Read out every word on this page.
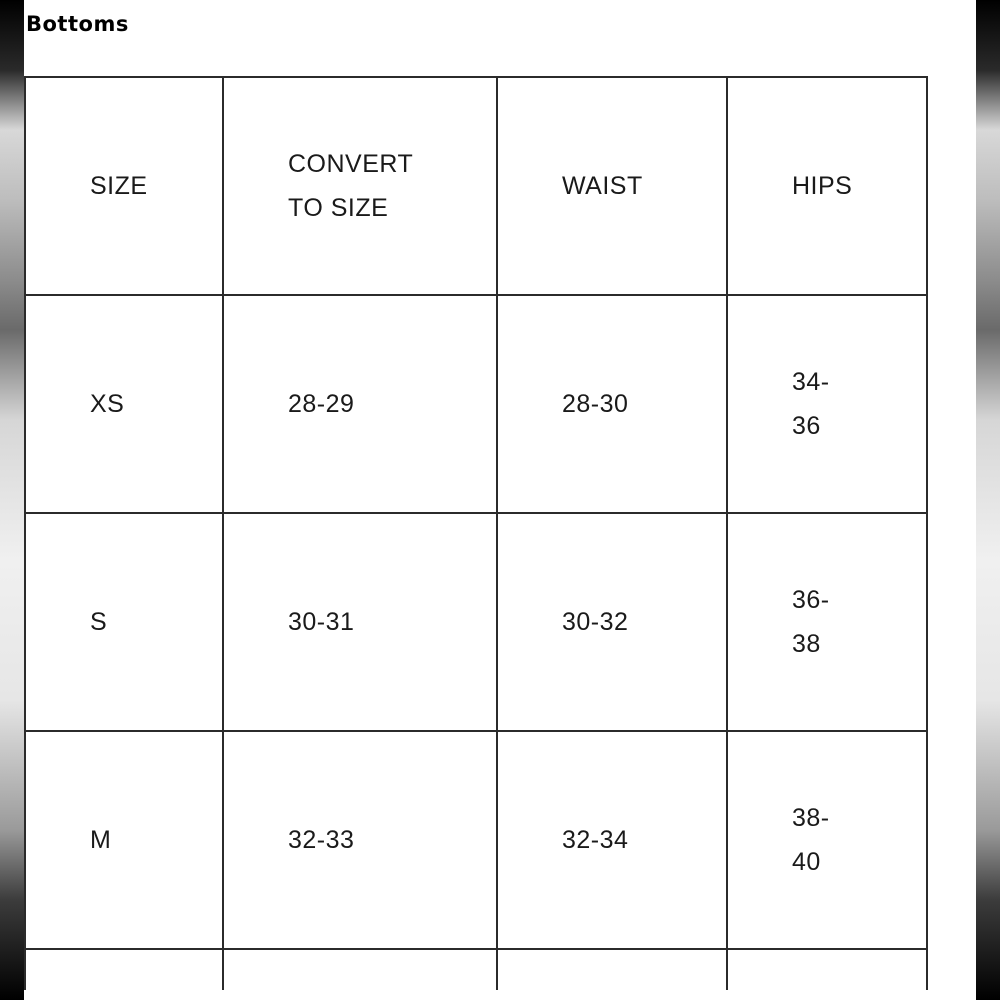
Bottoms
SIZE	CONVERT TO SIZE	WAIST	HIPS
XS	28-29	28-30	34-36

S	30-31	30-32	36-38

M	32-33	32-34	38-40
